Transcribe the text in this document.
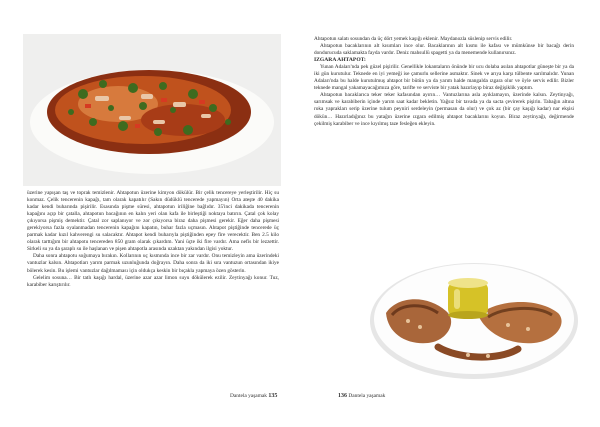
üzerine yapışan taş ve toprak temizlenir. Ahtapotun üzerine kimyon dökülür. Bir çelik tencereye yerleştirilir. Hiç su konmaz. Çelik tencerenin kapağı, tam olarak kapatılır (Sakın düdüklü tencerede yapmayın) Orta ateşte 40 dakika kadar kendi buharında pişirilir. Esasında pişme süresi, ahtapotun iriliğine bağlıdır. 35'inci dakikada tencerenin kapağını açıp bir çatalla, ahtapotun bacağının en kalın yeri olan kafa ile birleştiği noktaya batırın. Çatal çok kolay çıkıyorsa pişmiş demektir. Çatal zor saplanıyor ve zor çıkıyorsa biraz daha pişmesi gerekir. Eğer daha pişmesi gerekiyorsa fazla oyalanmadan tencerenin kapağını kapatın, buhar fazla uçmasın. Ahtapot piştiğinde tencerede üç parmak kadar kızıl kahverengi su salacaktır. Ahtapot kendi buharıyla piştiğinden epey fire verecektir. Ben 2.5 kilo olarak tarttığım bir ahtapotu tencereden 850 gram olarak çıkardım. Yani üçte iki fire vardır. Ama nefis bir lezzettir. Sirkeli su ya da şaraplı su ile haşlanan ve pişen ahtapotla arasında uzaktan yakından ilgisi yoktur.

Daha sonra ahtapotu soğumaya bırakın. Kollarının uç kısmında ince bir zar vardır. Onu temizleyin ama üzerindeki vantuzlar kalsın. Ahtapotları yarım parmak uzunluğunda doğrayın. Daha sonra da iki sıra vantuzun ortasından ikiye bölerek kesin. Bu işlemi vantuzlar dağılmaması için oldukça keskin bir bıçakla yapmaya özen gösterin.

Gelelim sosuna… Bir tatlı kaşığı hardal, üzerine azar azar limon suyu dökülerek ezilir. Zeytinyağı konur. Tuz, karabiber karıştırılır.

Dantela yaşamak 135

Ahtapotun salatı sosundan da üç dört yemek kaşığı eklenir. Maydanozla süslenip servis edilir.

Ahtapotun bacaklarının alt kısımları ince olur. Bacaklarının alt kısmı ile kafası ve mümkünse bir bacağı derin dondurucuda saklamakta fayda vardır. Deniz mahsullü spagetti ya da menemende kullanırsınız.

IZGARA AHTAPOT:

Yunan Adaları'nda pek güzel pişirilir. Genellikle lokantaların önünde bir ucu dolaba asılan ahtapotlar güneşte bir ya da iki gün kurutulur. Teknede en iyi yemeği ise çamurlu sellerine asmaktır. Sinek ve arıya karşı tülbente sarılmalıdır. Yunan Adaları'nda bu halde kurutulmuş ahtapot bir bütün ya da yarım halde mangalda ızgara olur ve öyle servis edilir. Bizler teknede mangal yakamayacağımıza göre, tarifte ve serviste bir yatak hazırlayıp biraz değişiklik yaptım.

Ahtapotun bacaklarıca teker teker kafasından ayırın… Vantuzlarına asla ayıklamayın, üzerinde kalsın. Zeytinyağı, sarımsak ve karabiberin içinde yarım saat kadar bekletin. Yağsız bir tavada ya da sacta çevirerek pişirin. Tabağın altına roka yaprakları serip üzerine tulum peyniri serdeleyin (permasan da olur) ve çok az (bir çay kaşığı kadar) nar ekşisi dökün… Hazırladığınız bu yatağın üzerine ızgara edilmiş ahtapot bacaklarını koyun. Biraz zeytinyağı, değirmende çekilmiş karabiber ve ince kıyılmış taze fesleğen ekleyin.

136 Dantela yaşamak
